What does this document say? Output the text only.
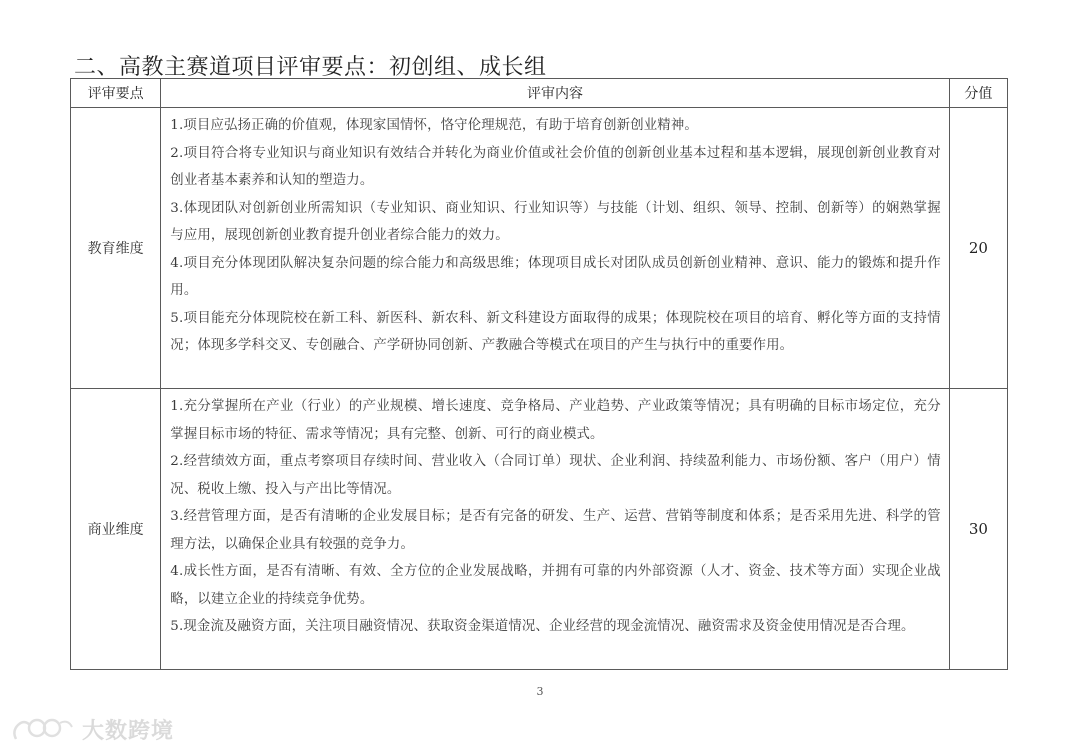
二、高教主赛道项目评审要点：初创组、成长组
评审要点	评审内容	分值
教育维度	1.项目应弘扬正确的价值观，体现家国情怀，恪守伦理规范，有助于培育创新创业精神。

2.项目符合将专业知识与商业知识有效结合并转化为商业价值或社会价值的创新创业基本过程和基本逻辑，展现创新创业教育对创业者基本素养和认知的塑造力。

3.体现团队对创新创业所需知识（专业知识、商业知识、行业知识等）与技能（计划、组织、领导、控制、创新等）的娴熟掌握与应用，展现创新创业教育提升创业者综合能力的效力。

4.项目充分体现团队解决复杂问题的综合能力和高级思维；体现项目成长对团队成员创新创业精神、意识、能力的锻炼和提升作用。

5.项目能充分体现院校在新工科、新医科、新农科、新文科建设方面取得的成果；体现院校在项目的培育、孵化等方面的支持情况；体现多学科交叉、专创融合、产学研协同创新、产教融合等模式在项目的产生与执行中的重要作用。	20
商业维度	1.充分掌握所在产业（行业）的产业规模、增长速度、竞争格局、产业趋势、产业政策等情况；具有明确的目标市场定位，充分掌握目标市场的特征、需求等情况；具有完整、创新、可行的商业模式。

2.经营绩效方面，重点考察项目存续时间、营业收入（合同订单）现状、企业利润、持续盈利能力、市场份额、客户（用户）情况、税收上缴、投入与产出比等情况。

3.经营管理方面，是否有清晰的企业发展目标；是否有完备的研发、生产、运营、营销等制度和体系；是否采用先进、科学的管理方法，以确保企业具有较强的竞争力。

4.成长性方面，是否有清晰、有效、全方位的企业发展战略，并拥有可靠的内外部资源（人才、资金、技术等方面）实现企业战略，以建立企业的持续竞争优势。

5.现金流及融资方面，关注项目融资情况、获取资金渠道情况、企业经营的现金流情况、融资需求及资金使用情况是否合理。	30
3
大数跨境
